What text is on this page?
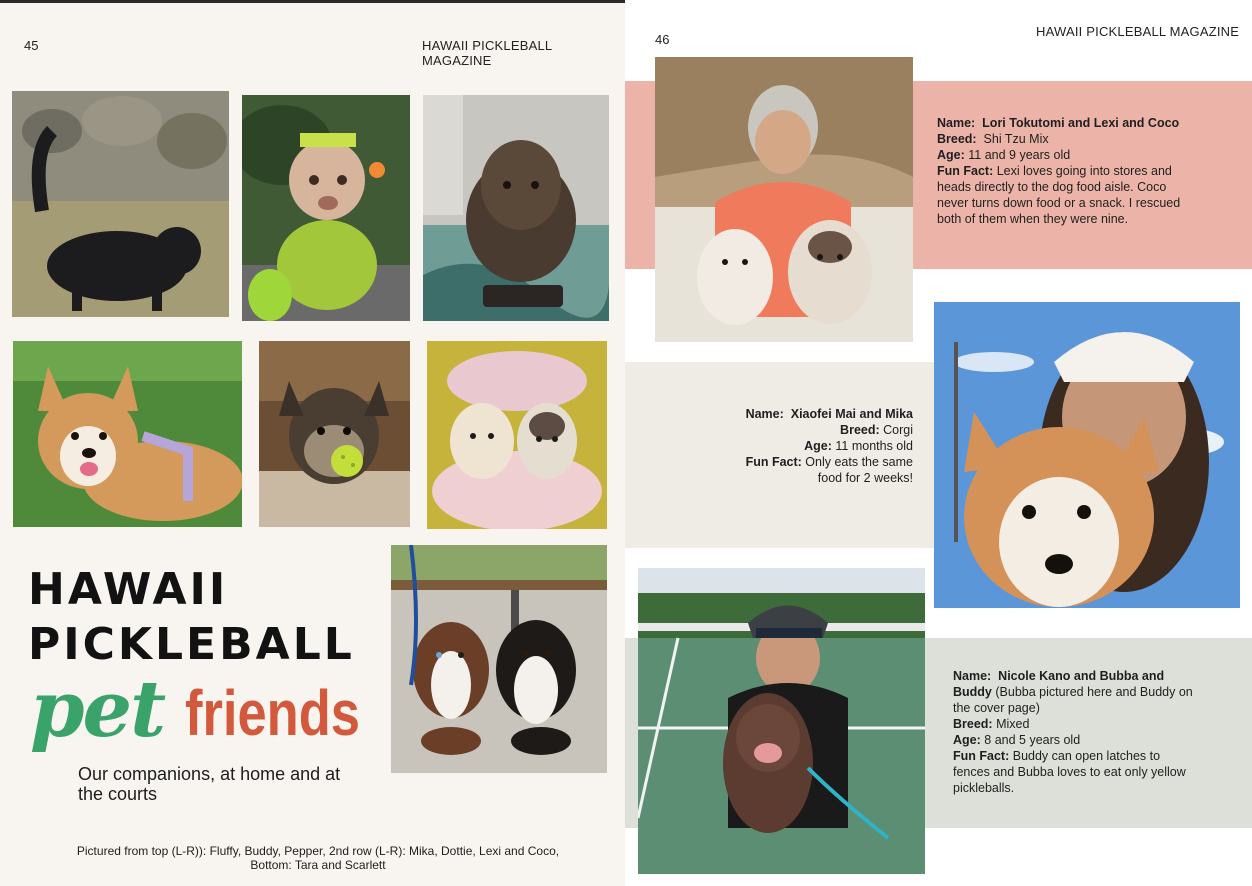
45	HAWAII PICKLEBALL MAGAZINE
HAWAII
PICKLEBALL
pet friends
Our companions, at home and at the courts
Pictured from top (L-R)): Fluffy, Buddy, Pepper, 2nd row (L-R): Mika, Dottie, Lexi and Coco,
Bottom: Tara and Scarlett
46
HAWAII PICKLEBALL MAGAZINE
Name: Lori Tokutomi and Lexi and Coco
Breed: Shi Tzu Mix
Age: 11 and 9 years old
Fun Fact: Lexi loves going into stores and heads directly to the dog food aisle. Coco never turns down food or a snack. I rescued both of them when they were nine.
Name: Xiaofei Mai and Mika
Breed: Corgi
Age: 11 months old
Fun Fact: Only eats the same food for 2 weeks!
Name: Nicole Kano and Bubba and Buddy (Bubba pictured here and Buddy on the cover page)
Breed: Mixed
Age: 8 and 5 years old
Fun Fact: Buddy can open latches to fences and Bubba loves to eat only yellow pickleballs.
